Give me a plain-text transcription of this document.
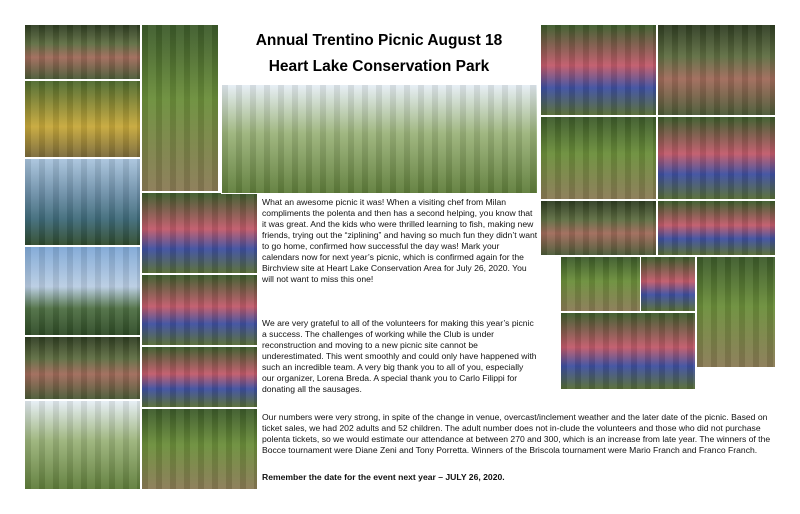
Annual Trentino Picnic August 18
Heart Lake Conservation Park

What an awesome picnic it was! When a visiting chef from Milan compliments the polenta and then has a second helping, you know that it was great. And the kids who were thrilled learning to fish, making new friends, trying out the “ziplining” and having so much fun they didn’t want to go home, confirmed how successful the day was! Mark your calendars now for next year’s picnic, which is confirmed again for the Birchview site at Heart Lake Conservation Area for July 26, 2020. You will not want to miss this one!

We are very grateful to all of the volunteers for making this year’s picnic a success. The challenges of working while the Club is under reconstruction and moving to a new picnic site cannot be underestimated. This went smoothly and could only have happened with such an incredible team. A very big thank you to all of you, especially our organizer, Lorena Breda. A special thank you to Carlo Filippi for donating all the sausages.

Our numbers were very strong, in spite of the change in venue, overcast/inclement weather and the later date of the picnic. Based on ticket sales, we had 202 adults and 52 children. The adult number does not in-clude the volunteers and those who did not purchase polenta tickets, so we would estimate our attendance at between 270 and 300, which is an increase from late year. The winners of the Bocce tournament were Diane Zeni and Tony Porretta. Winners of the Briscola tournament were Mario Franch and Franco Franch.

Remember the date for the event next year – JULY 26, 2020.
